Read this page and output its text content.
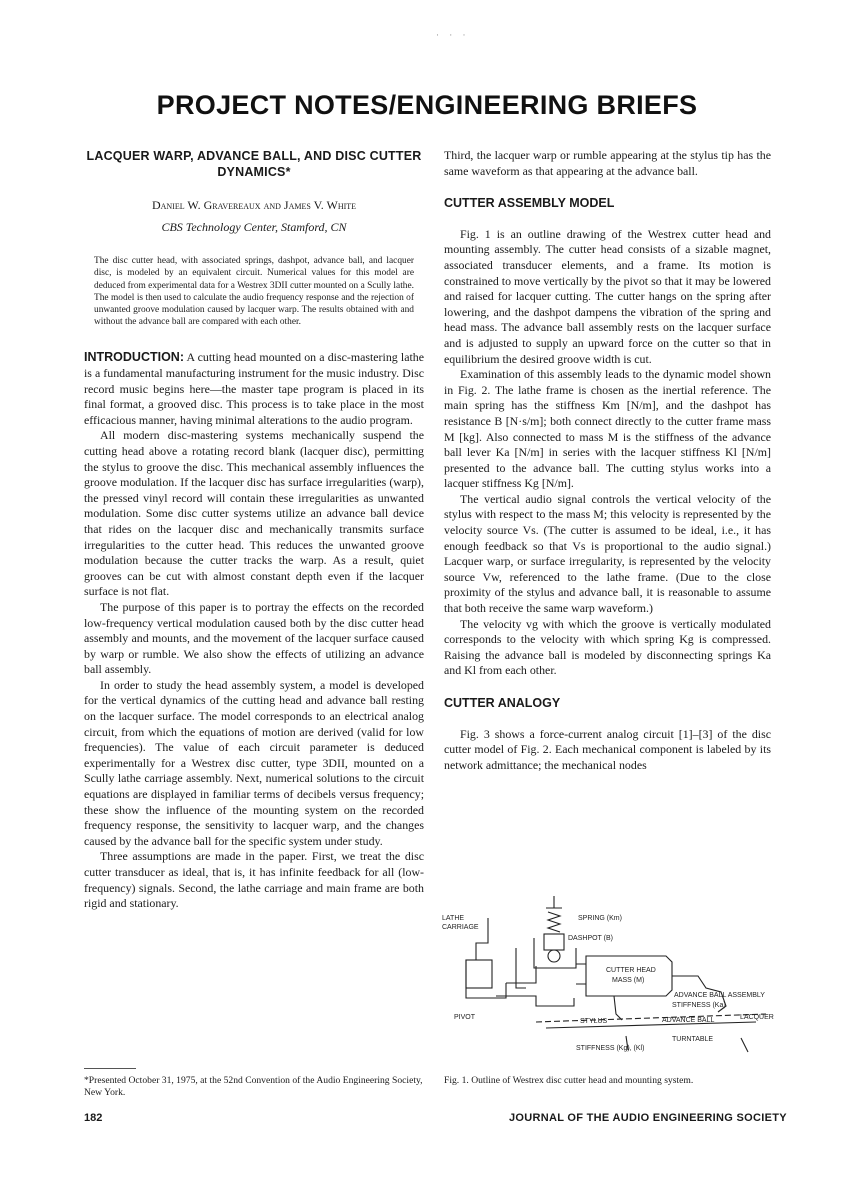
· · ·
PROJECT NOTES/ENGINEERING BRIEFS
LACQUER WARP, ADVANCE BALL, AND DISC CUTTER DYNAMICS*
Daniel W. Gravereaux and James V. White
CBS Technology Center, Stamford, CN
The disc cutter head, with associated springs, dashpot, advance ball, and lacquer disc, is modeled by an equivalent circuit. Numerical values for this model are deduced from experimental data for a Westrex 3DII cutter mounted on a Scully lathe. The model is then used to calculate the audio frequency response and the rejection of unwanted groove modulation caused by lacquer warp. The results obtained with and without the advance ball are compared with each other.

INTRODUCTION: A cutting head mounted on a disc-mastering lathe is a fundamental manufacturing instrument for the music industry. Disc record music begins here—the master tape program is placed in its final format, a grooved disc. This process is to take place in the most efficacious manner, having minimal alterations to the audio program.

All modern disc-mastering systems mechanically suspend the cutting head above a rotating record blank (lacquer disc), permitting the stylus to groove the disc. This mechanical assembly influences the groove modulation. If the lacquer disc has surface irregularities (warp), the pressed vinyl record will contain these irregularities as unwanted modulation. Some disc cutter systems utilize an advance ball device that rides on the lacquer disc and mechanically transmits surface irregularities to the cutter head. This reduces the unwanted groove modulation because the cutter tracks the warp. As a result, quiet grooves can be cut with almost constant depth even if the lacquer surface is not flat.

The purpose of this paper is to portray the effects on the recorded low-frequency vertical modulation caused both by the disc cutter head assembly and mounts, and the movement of the lacquer surface caused by warp or rumble. We also show the effects of utilizing an advance ball assembly.

In order to study the head assembly system, a model is developed for the vertical dynamics of the cutting head and advance ball resting on the lacquer surface. The model corresponds to an electrical analog circuit, from which the equations of motion are derived (valid for low frequencies). The value of each circuit parameter is deduced experimentally for a Westrex disc cutter, type 3DII, mounted on a Scully lathe carriage assembly. Next, numerical solutions to the circuit equations are displayed in familiar terms of decibels versus frequency; these show the influence of the mounting system on the recorded frequency response, the sensitivity to lacquer warp, and the changes caused by the advance ball for the specific system under study.

Three assumptions are made in the paper. First, we treat the disc cutter transducer as ideal, that is, it has infinite feedback for all (low-frequency) signals. Second, the lathe carriage and main frame are both rigid and stationary.

Third, the lacquer warp or rumble appearing at the stylus tip has the same waveform as that appearing at the advance ball.

CUTTER ASSEMBLY MODEL

Fig. 1 is an outline drawing of the Westrex cutter head and mounting assembly. The cutter head consists of a sizable magnet, associated transducer elements, and a frame. Its motion is constrained to move vertically by the pivot so that it may be lowered and raised for lacquer cutting. The cutter hangs on the spring after lowering, and the dashpot dampens the vibration of the spring and head mass. The advance ball assembly rests on the lacquer surface and is adjusted to supply an upward force on the cutter so that in equilibrium the desired groove width is cut.

Examination of this assembly leads to the dynamic model shown in Fig. 2. The lathe frame is chosen as the inertial reference. The main spring has the stiffness Km [N/m], and the dashpot has resistance B [N·s/m]; both connect directly to the cutter frame mass M [kg]. Also connected to mass M is the stiffness of the advance ball lever Ka [N/m] in series with the lacquer stiffness Kl [N/m] presented to the advance ball. The cutting stylus works into a lacquer stiffness Kg [N/m].

The vertical audio signal controls the vertical velocity of the stylus with respect to the mass M; this velocity is represented by the velocity source Vs. (The cutter is assumed to be ideal, i.e., it has enough feedback so that Vs is proportional to the audio signal.) Lacquer warp, or surface irregularity, is represented by the velocity source Vw, referenced to the lathe frame. (Due to the close proximity of the stylus and advance ball, it is reasonable to assume that both receive the same warp waveform.)

The velocity vg with which the groove is vertically modulated corresponds to the velocity with which spring Kg is compressed. Raising the advance ball is modeled by disconnecting springs Ka and Kl from each other.

CUTTER ANALOGY

Fig. 3 shows a force-current analog circuit [1]–[3] of the disc cutter model of Fig. 2. Each mechanical component is labeled by its network admittance; the mechanical nodes

LATHE
CARRIAGE
SPRING (Km)
DASHPOT (B)
CUTTER HEAD
MASS (M)
ADVANCE BALL ASSEMBLY
STIFFNESS (Ka)
PIVOT
STYLUS	ADVANCE BALL	LACQUER
TURNTABLE
STIFFNESS (Kg), (Kl)
Fig. 1. Outline of Westrex disc cutter head and mounting system.
*Presented October 31, 1975, at the 52nd Convention of the Audio Engineering Society, New York.
182	JOURNAL OF THE AUDIO ENGINEERING SOCIETY
